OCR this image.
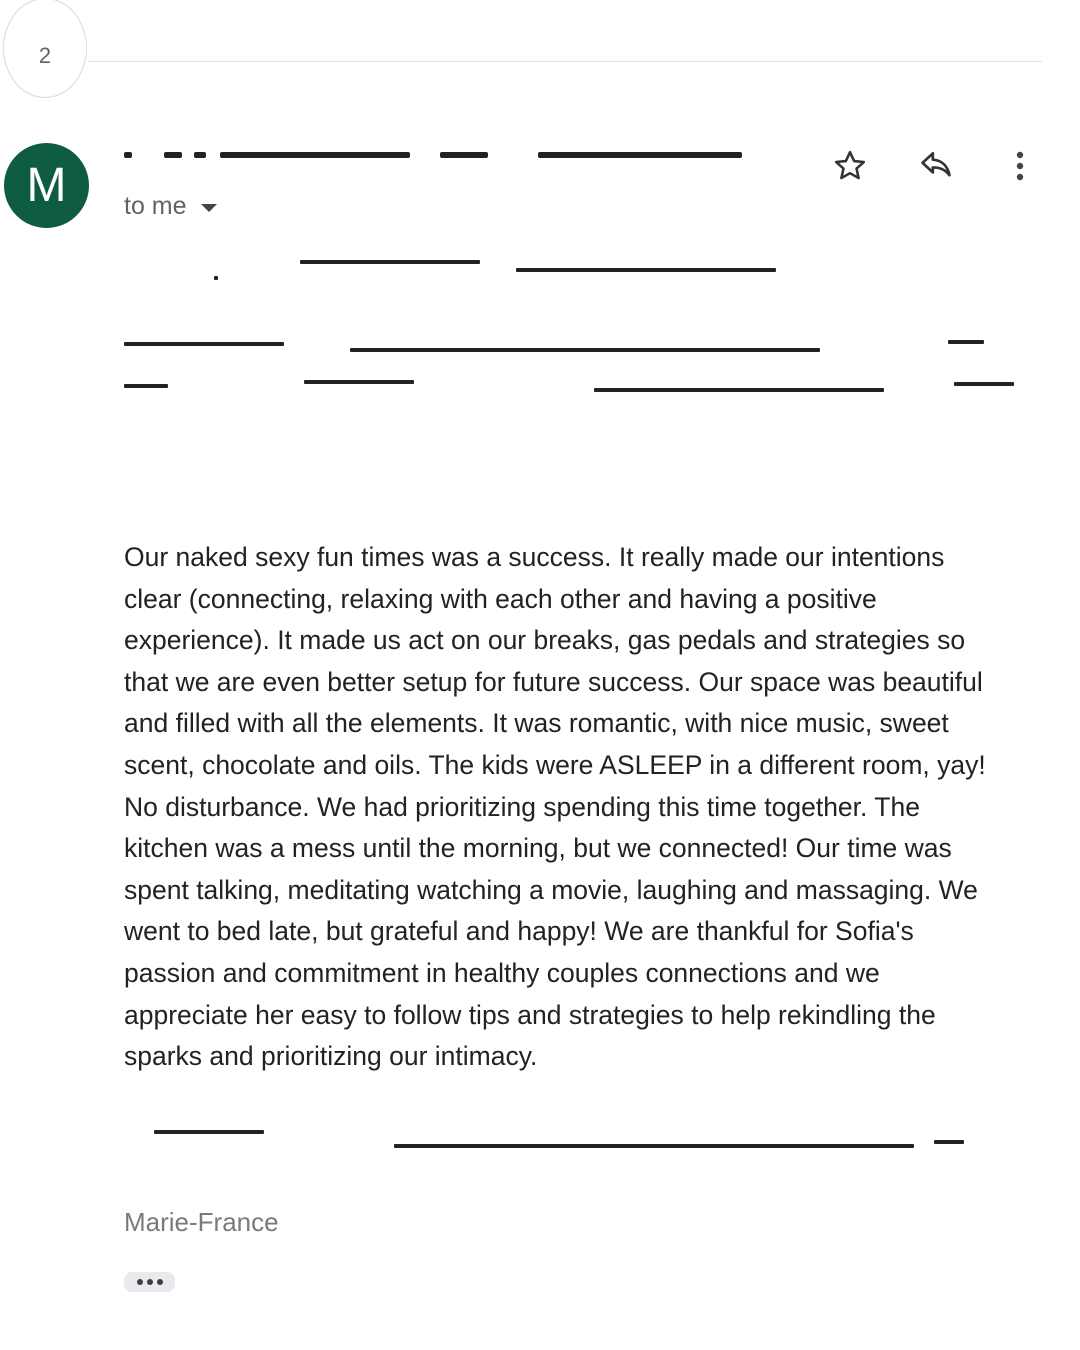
2
M to me
Our naked sexy fun times was a success. It really made our intentions
clear (connecting, relaxing with each other and having a positive
experience). It made us act on our breaks, gas pedals and strategies so
that we are even better setup for future success. Our space was beautiful
and filled with all the elements. It was romantic, with nice music, sweet
scent, chocolate and oils. The kids were ASLEEP in a different room, yay!
No disturbance. We had prioritizing spending this time together. The
kitchen was a mess until the morning, but we connected! Our time was
spent talking, meditating watching a movie, laughing and massaging. We
went to bed late, but grateful and happy! We are thankful for Sofia's
passion and commitment in healthy couples connections and we
appreciate her easy to follow tips and strategies to help rekindling the
sparks and prioritizing our intimacy.
Marie-France
